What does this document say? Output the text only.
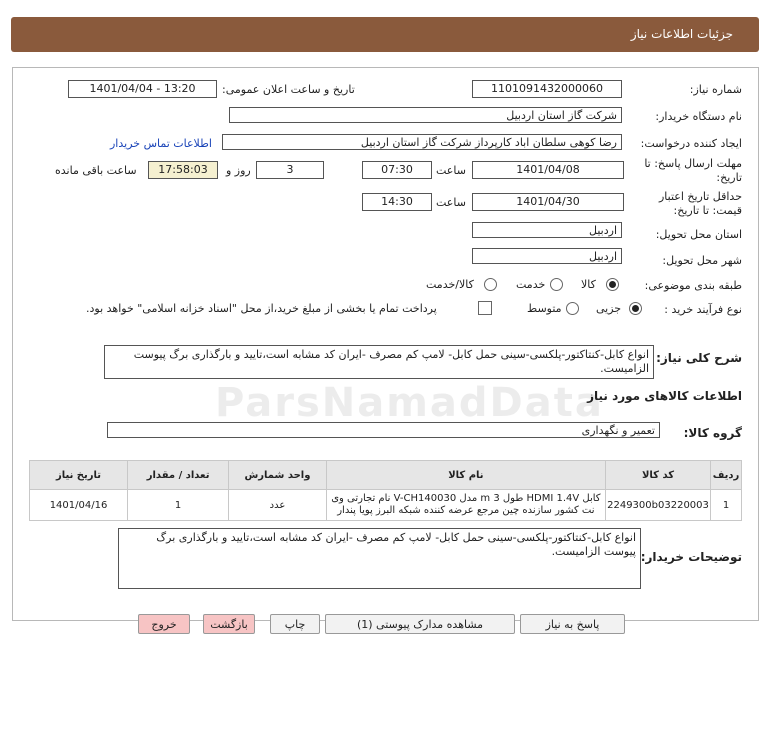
جزئیات اطلاعات نیاز
شماره نیاز:
1101091432000060
تاریخ و ساعت اعلان عمومی:
1401/04/04 - 13:20
نام دستگاه خریدار:
شرکت گاز استان اردبیل
ایجاد کننده درخواست:
رضا کوهی سلطان اباد کارپرداز شرکت گاز استان اردبیل
اطلاعات تماس خریدار
مهلت ارسال پاسخ: تا
تاریخ:
1401/04/08
ساعت
07:30
3
روز و
17:58:03
ساعت باقی مانده
حداقل تاریخ اعتبار
قیمت: تا تاریخ:
1401/04/30
ساعت
14:30
استان محل تحویل:
اردبیل
شهر محل تحویل:
اردبیل
طبقه بندی موضوعی:
کالا
خدمت
کالا/خدمت
نوع فرآیند خرید :
جزیی
متوسط
پرداخت تمام یا بخشی از مبلغ خرید،از محل "اسناد خزانه اسلامی" خواهد بود.
شرح کلی نیاز:
انواع کابل-کنتاکتور-پلکسی-سینی حمل کابل- لامپ کم مصرف -ایران کد مشابه است،تایید و بارگذاری برگ پیوست الزامیست.
اطلاعات کالاهای مورد نیاز
گروه کالا:
تعمیر و نگهداری
تاریخ نیاز	تعداد / مقدار	واحد شمارش	نام کالا	کد کالا	ردیف
1401/04/16	1	عدد	کابل HDMI 1.4V طول 3 m مدل V-CH140030 نام تجارتی وی نت کشور سازنده چین مرجع عرضه کننده شبکه البرز پویا پندار	2249300b03220003	1
توضیحات خریدار:
انواع کابل-کنتاکتور-پلکسی-سینی حمل کابل- لامپ کم مصرف -ایران کد مشابه است،تایید و بارگذاری برگ پیوست الزامیست.
پاسخ به نیاز
مشاهده مدارک پیوستی (1)
چاپ
بازگشت
خروج
